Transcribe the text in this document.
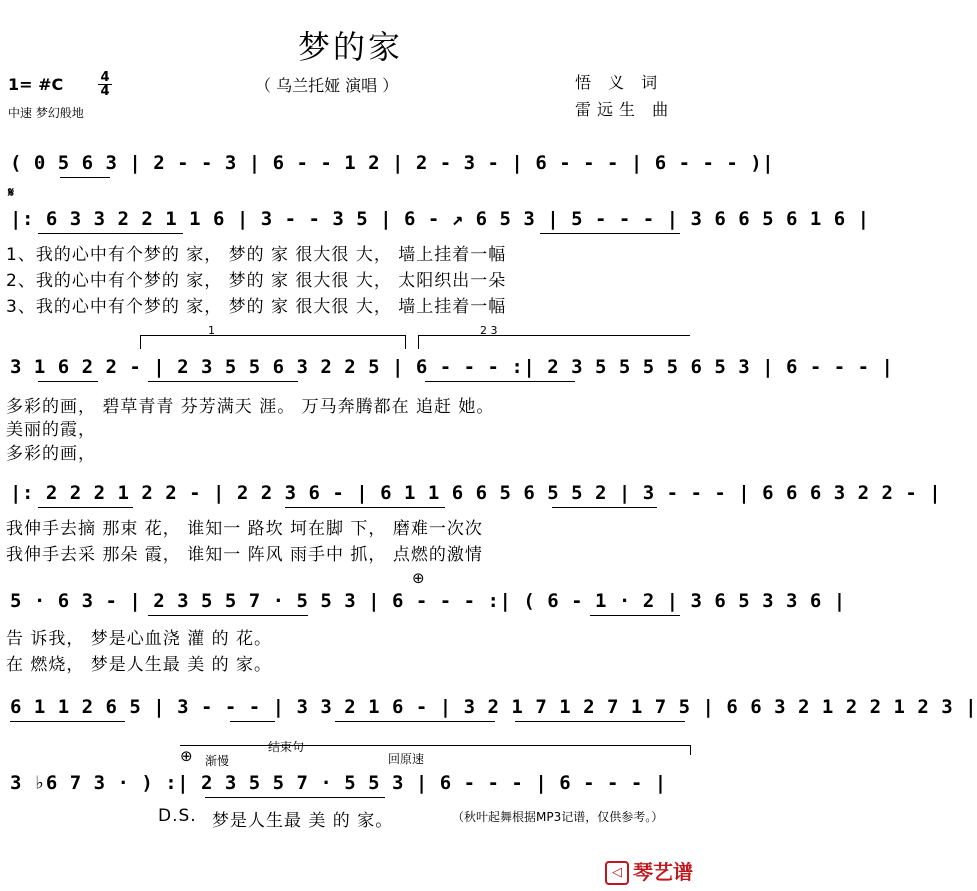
梦的家
（ 乌兰托娅 演唱 ）	悟 义 词
雷远生 曲
1= #C	4
4
中速 梦幻般地
( 0 5 6 3 | 2 - - 3 | 6 - - 1 2 | 2 - 3 - | 6 - - - | 6 - - - )|
𝄋
|: 6 3 3 2 2 1 1 6 | 3 - - 3 5 | 6 - ↗ 6 5 3 | 5 - - - | 3 6 6 5 6 1 6 |
1、我的心中有个梦的 家， 梦的 家 很大很 大， 墙上挂着一幅
2、我的心中有个梦的 家， 梦的 家 很大很 大， 太阳织出一朵
3、我的心中有个梦的 家， 梦的 家 很大很 大， 墙上挂着一幅
1	2 3
3 1 6 2 2 - | 2 3 5 5 6 3 2 2 5 | 6 - - - :| 2 3 5 5 5 5 6 5 3 | 6 - - - |
多彩的画， 碧草青青 芬芳满天 涯。 万马奔腾都在 追赶 她。
美丽的霞，
多彩的画，
|: 2 2 2 1 2 2 - | 2 2 3 6 - | 6 1 1 6 6 5 6 5 5 2 | 3 - - - | 6 6 6 3 2 2 - |
我伸手去摘 那束 花， 谁知一 路坎 坷在脚 下， 磨难一次次
我伸手去采 那朵 霞， 谁知一 阵风 雨手中 抓， 点燃的激情
⊕
5 · 6 3 - | 2 3 5 5 7 · 5 5 3 | 6 - - - :| ( 6 - 1 · 2 | 3 6 5 3 3 6 |
告 诉我， 梦是心血浇 灌 的 花。
在 燃烧， 梦是人生最 美 的 家。
6 1 1 2 6 5 | 3 - - - | 3 3 2 1 6 - | 3 2 1 7 1 2 7 1 7 5 | 6 6 3 2 1 2 2 1 2 3 |
⊕ 渐慢
结束句
回原速
3 ♭6 7 3 · ) :| 2 3 5 5 7 · 5 5 3 | 6 - - - | 6 - - - |
D.S. 梦是人生最 美 的 家。	（秋叶起舞根据MP3记谱，仅供参考。）
◁ 琴艺谱
